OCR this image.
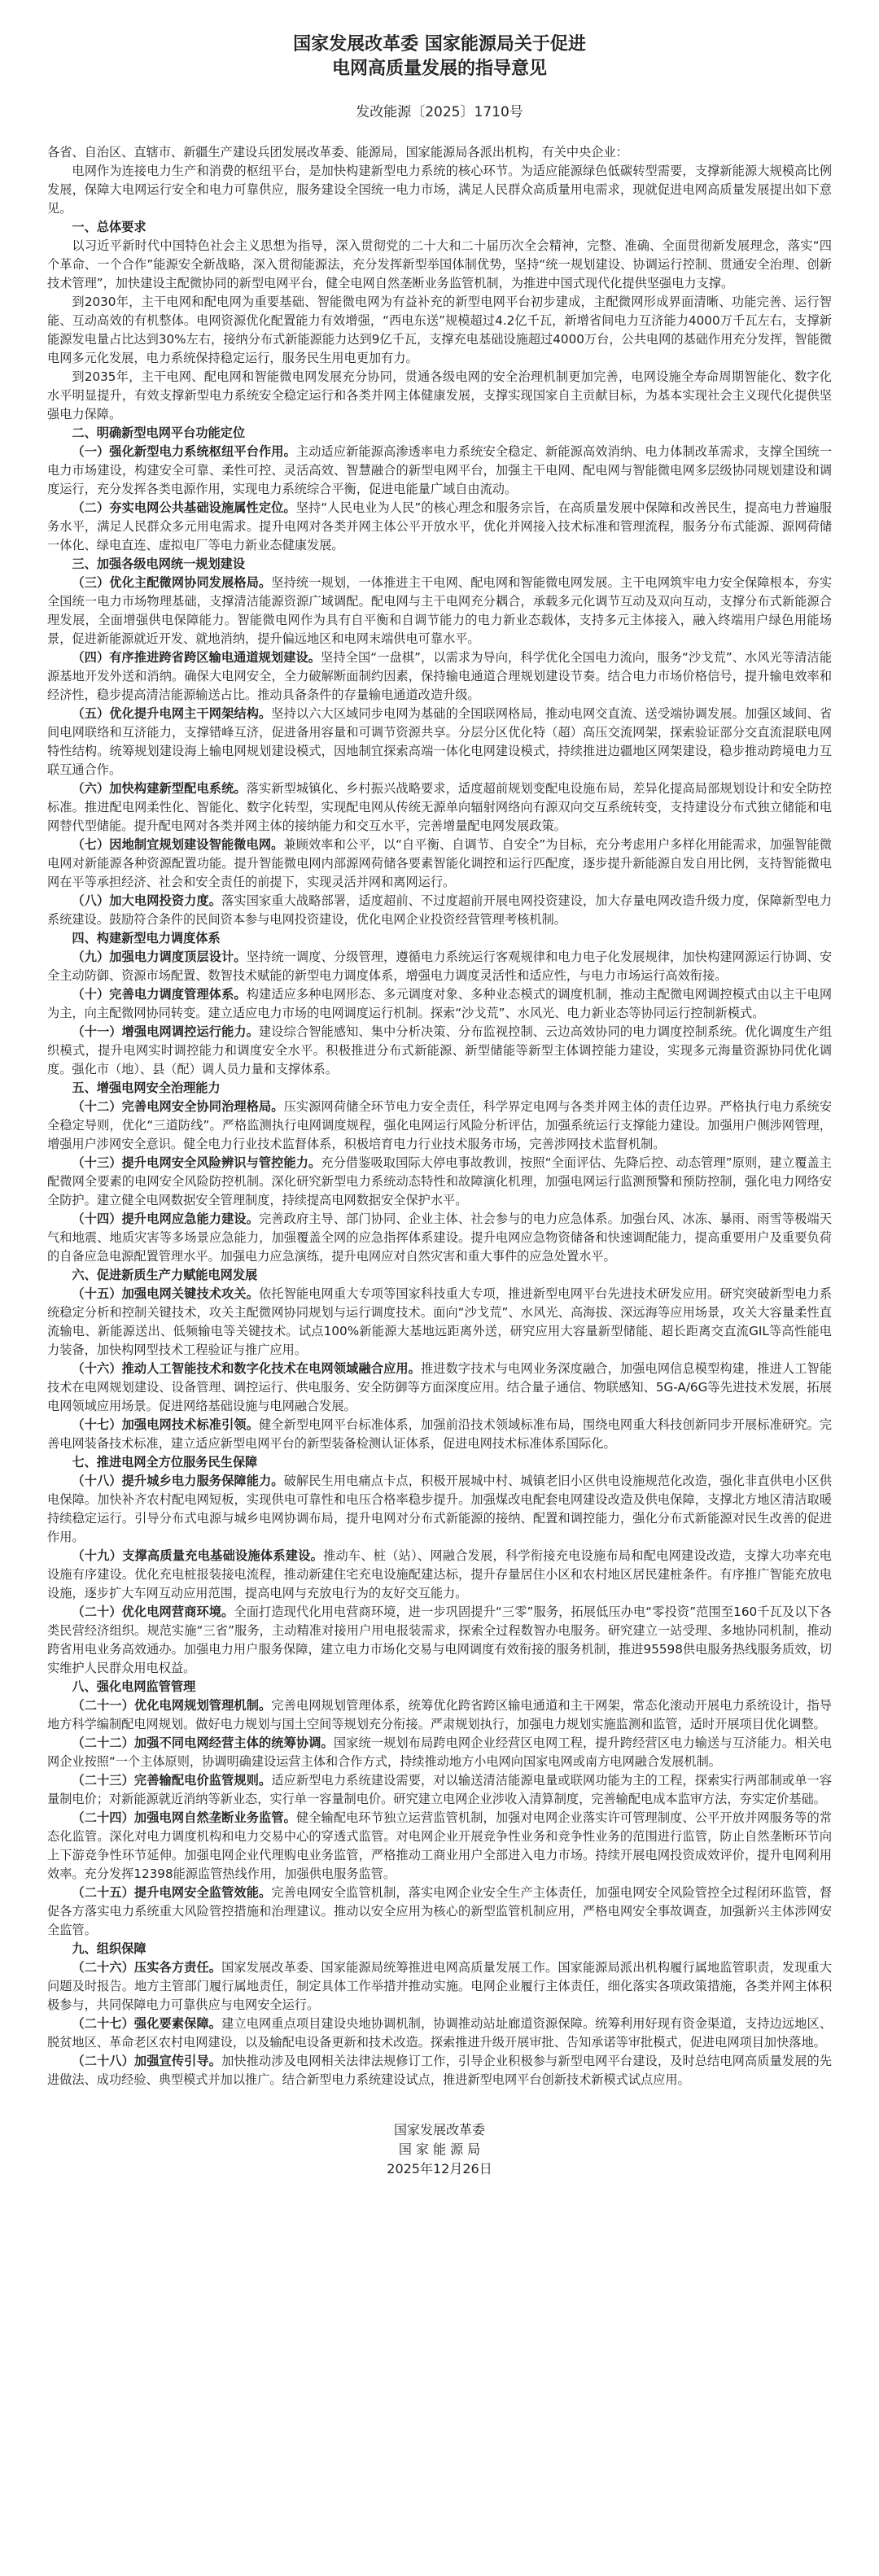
国家发展改革委 国家能源局关于促进
电网高质量发展的指导意见
发改能源〔2025〕1710号
各省、自治区、直辖市、新疆生产建设兵团发展改革委、能源局，国家能源局各派出机构，有关中央企业：
电网作为连接电力生产和消费的枢纽平台，是加快构建新型电力系统的核心环节。为适应能源绿色低碳转型需要，支撑新能源大规模高比例发展，保障大电网运行安全和电力可靠供应，服务建设全国统一电力市场，满足人民群众高质量用电需求，现就促进电网高质量发展提出如下意见。
一、总体要求
以习近平新时代中国特色社会主义思想为指导，深入贯彻党的二十大和二十届历次全会精神，完整、准确、全面贯彻新发展理念，落实“四个革命、一个合作”能源安全新战略，深入贯彻能源法，充分发挥新型举国体制优势，坚持“统一规划建设、协调运行控制、贯通安全治理、创新技术管理”，加快建设主配微协同的新型电网平台，健全电网自然垄断业务监管机制，为推进中国式现代化提供坚强电力支撑。
到2030年，主干电网和配电网为重要基础、智能微电网为有益补充的新型电网平台初步建成，主配微网形成界面清晰、功能完善、运行智能、互动高效的有机整体。电网资源优化配置能力有效增强，“西电东送”规模超过4.2亿千瓦，新增省间电力互济能力4000万千瓦左右，支撑新能源发电量占比达到30%左右，接纳分布式新能源能力达到9亿千瓦，支撑充电基础设施超过4000万台，公共电网的基础作用充分发挥，智能微电网多元化发展，电力系统保持稳定运行，服务民生用电更加有力。
到2035年，主干电网、配电网和智能微电网发展充分协同，贯通各级电网的安全治理机制更加完善，电网设施全寿命周期智能化、数字化水平明显提升，有效支撑新型电力系统安全稳定运行和各类并网主体健康发展，支撑实现国家自主贡献目标，为基本实现社会主义现代化提供坚强电力保障。
二、明确新型电网平台功能定位
（一）强化新型电力系统枢纽平台作用。主动适应新能源高渗透率电力系统安全稳定、新能源高效消纳、电力体制改革需求，支撑全国统一电力市场建设，构建安全可靠、柔性可控、灵活高效、智慧融合的新型电网平台，加强主干电网、配电网与智能微电网多层级协同规划建设和调度运行，充分发挥各类电源作用，实现电力系统综合平衡，促进电能量广域自由流动。
（二）夯实电网公共基础设施属性定位。坚持“人民电业为人民”的核心理念和服务宗旨，在高质量发展中保障和改善民生，提高电力普遍服务水平，满足人民群众多元用电需求。提升电网对各类并网主体公平开放水平，优化并网接入技术标准和管理流程，服务分布式能源、源网荷储一体化、绿电直连、虚拟电厂等电力新业态健康发展。
三、加强各级电网统一规划建设
（三）优化主配微网协同发展格局。坚持统一规划，一体推进主干电网、配电网和智能微电网发展。主干电网筑牢电力安全保障根本，夯实全国统一电力市场物理基础，支撑清洁能源资源广域调配。配电网与主干电网充分耦合，承载多元化调节互动及双向互动，支撑分布式新能源合理发展，全面增强供电保障能力。智能微电网作为具有自平衡和自调节能力的电力新业态载体，支持多元主体接入，融入终端用户绿色用能场景，促进新能源就近开发、就地消纳，提升偏远地区和电网末端供电可靠水平。
（四）有序推进跨省跨区输电通道规划建设。坚持全国“一盘棋”，以需求为导向，科学优化全国电力流向，服务“沙戈荒”、水风光等清洁能源基地开发外送和消纳。确保大电网安全，全力破解断面制约因素，保持输电通道合理规划建设节奏。结合电力市场价格信号，提升输电效率和经济性，稳步提高清洁能源输送占比。推动具备条件的存量输电通道改造升级。
（五）优化提升电网主干网架结构。坚持以六大区域同步电网为基础的全国联网格局，推动电网交直流、送受端协调发展。加强区域间、省间电网联络和互济能力，支撑错峰互济，促进备用容量和可调节资源共享。分层分区优化特（超）高压交流网架，探索验证部分交直流混联电网特性结构。统筹规划建设海上输电网规划建设模式，因地制宜探索高端一体化电网建设模式，持续推进边疆地区网架建设，稳步推动跨境电力互联互通合作。
（六）加快构建新型配电系统。落实新型城镇化、乡村振兴战略要求，适度超前规划变配电设施布局，差异化提高局部规划设计和安全防控标准。推进配电网柔性化、智能化、数字化转型，实现配电网从传统无源单向辐射网络向有源双向交互系统转变，支持建设分布式独立储能和电网替代型储能。提升配电网对各类并网主体的接纳能力和交互水平，完善增量配电网发展政策。
（七）因地制宜规划建设智能微电网。兼顾效率和公平，以“自平衡、自调节、自安全”为目标，充分考虑用户多样化用能需求，加强智能微电网对新能源各种资源配置功能。提升智能微电网内部源网荷储各要素智能化调控和运行匹配度，逐步提升新能源自发自用比例，支持智能微电网在平等承担经济、社会和安全责任的前提下，实现灵活并网和离网运行。
（八）加大电网投资力度。落实国家重大战略部署，适度超前、不过度超前开展电网投资建设，加大存量电网改造升级力度，保障新型电力系统建设。鼓励符合条件的民间资本参与电网投资建设，优化电网企业投资经营管理考核机制。
四、构建新型电力调度体系
（九）加强电力调度顶层设计。坚持统一调度、分级管理，遵循电力系统运行客观规律和电力电子化发展规律，加快构建网源运行协调、安全主动防御、资源市场配置、数智技术赋能的新型电力调度体系，增强电力调度灵活性和适应性，与电力市场运行高效衔接。
（十）完善电力调度管理体系。构建适应多种电网形态、多元调度对象、多种业态模式的调度机制，推动主配微电网调控模式由以主干电网为主，向主配微网协同转变。建立适应电力市场的电网调度运行机制。探索“沙戈荒”、水风光、电力新业态等协同运行控制新模式。
（十一）增强电网调控运行能力。建设综合智能感知、集中分析决策、分布监视控制、云边高效协同的电力调度控制系统。优化调度生产组织模式，提升电网实时调控能力和调度安全水平。积极推进分布式新能源、新型储能等新型主体调控能力建设，实现多元海量资源协同优化调度。强化市（地）、县（配）调人员力量和支撑体系。
五、增强电网安全治理能力
（十二）完善电网安全协同治理格局。压实源网荷储全环节电力安全责任，科学界定电网与各类并网主体的责任边界。严格执行电力系统安全稳定导则，优化“三道防线”。严格监测执行电网调度规程，强化电网运行风险分析评估，加强系统运行支撑能力建设。加强用户侧涉网管理，增强用户涉网安全意识。健全电力行业技术监督体系，积极培育电力行业技术服务市场，完善涉网技术监督机制。
（十三）提升电网安全风险辨识与管控能力。充分借鉴吸取国际大停电事故教训，按照“全面评估、先降后控、动态管理”原则，建立覆盖主配微网全要素的电网安全风险防控机制。深化研究新型电力系统动态特性和故障演化机理，加强电网运行监测预警和预防控制，强化电力网络安全防护。建立健全电网数据安全管理制度，持续提高电网数据安全保护水平。
（十四）提升电网应急能力建设。完善政府主导、部门协同、企业主体、社会参与的电力应急体系。加强台风、冰冻、暴雨、雨雪等极端天气和地震、地质灾害等多场景应急能力，加强覆盖全网的应急指挥体系建设。提升电网应急物资储备和快速调配能力，提高重要用户及重要负荷的自备应急电源配置管理水平。加强电力应急演练，提升电网应对自然灾害和重大事件的应急处置水平。
六、促进新质生产力赋能电网发展
（十五）加强电网关键技术攻关。依托智能电网重大专项等国家科技重大专项，推进新型电网平台先进技术研发应用。研究突破新型电力系统稳定分析和控制关键技术，攻关主配微网协同规划与运行调度技术。面向“沙戈荒”、水风光、高海拔、深远海等应用场景，攻关大容量柔性直流输电、新能源送出、低频输电等关键技术。试点100%新能源大基地远距离外送，研究应用大容量新型储能、超长距离交直流GIL等高性能电力装备，加快构网型技术工程验证与推广应用。
（十六）推动人工智能技术和数字化技术在电网领域融合应用。推进数字技术与电网业务深度融合，加强电网信息模型构建，推进人工智能技术在电网规划建设、设备管理、调控运行、供电服务、安全防御等方面深度应用。结合量子通信、物联感知、5G-A/6G等先进技术发展，拓展电网领域应用场景。促进网络基础设施与电网融合发展。
（十七）加强电网技术标准引领。健全新型电网平台标准体系，加强前沿技术领域标准布局，围绕电网重大科技创新同步开展标准研究。完善电网装备技术标准，建立适应新型电网平台的新型装备检测认证体系，促进电网技术标准体系国际化。
七、推进电网全方位服务民生保障
（十八）提升城乡电力服务保障能力。破解民生用电痛点卡点，积极开展城中村、城镇老旧小区供电设施规范化改造，强化非直供电小区供电保障。加快补齐农村配电网短板，实现供电可靠性和电压合格率稳步提升。加强煤改电配套电网建设改造及供电保障，支撑北方地区清洁取暖持续稳定运行。引导分布式电源与城乡电网协调布局，提升电网对分布式新能源的接纳、配置和调控能力，强化分布式新能源对民生改善的促进作用。
（十九）支撑高质量充电基础设施体系建设。推动车、桩（站）、网融合发展，科学衔接充电设施布局和配电网建设改造，支撑大功率充电设施有序建设。优化充电桩报装接电流程，推动新建住宅充电设施配建达标，提升存量居住小区和农村地区居民建桩条件。有序推广智能充放电设施，逐步扩大车网互动应用范围，提高电网与充放电行为的友好交互能力。
（二十）优化电网营商环境。全面打造现代化用电营商环境，进一步巩固提升“三零”服务，拓展低压办电“零投资”范围至160千瓦及以下各类民营经济组织。规范实施“三省”服务，主动精准对接用户用电报装需求，探索全过程数智办电服务。研究建立一站受理、多地协同机制，推动跨省用电业务高效通办。加强电力用户服务保障，建立电力市场化交易与电网调度有效衔接的服务机制，推进95598供电服务热线服务质效，切实维护人民群众用电权益。
八、强化电网监管管理
（二十一）优化电网规划管理机制。完善电网规划管理体系，统筹优化跨省跨区输电通道和主干网架，常态化滚动开展电力系统设计，指导地方科学编制配电网规划。做好电力规划与国土空间等规划充分衔接。严肃规划执行，加强电力规划实施监测和监管，适时开展项目优化调整。
（二十二）加强不同电网经营主体的统筹协调。国家统一规划布局跨电网企业经营区电网工程，提升跨经营区电力输送与互济能力。相关电网企业按照“一个主体原则，协调明确建设运营主体和合作方式，持续推动地方小电网向国家电网或南方电网融合发展机制。
（二十三）完善输配电价监管规则。适应新型电力系统建设需要，对以输送清洁能源电量或联网功能为主的工程，探索实行两部制或单一容量制电价；对新能源就近消纳等新业态，实行单一容量制电价。研究建立电网企业涉收入清算制度，完善输配电成本监审方法，夯实定价基础。
（二十四）加强电网自然垄断业务监管。健全输配电环节独立运营监管机制，加强对电网企业落实许可管理制度、公平开放并网服务等的常态化监管。深化对电力调度机构和电力交易中心的穿透式监管。对电网企业开展竞争性业务和竞争性业务的范围进行监管，防止自然垄断环节向上下游竞争性环节延伸。加强电网企业代理购电业务监管，严格推动工商业用户全部进入电力市场。持续开展电网投资成效评价，提升电网利用效率。充分发挥12398能源监管热线作用，加强供电服务监管。
（二十五）提升电网安全监管效能。完善电网安全监管机制，落实电网企业安全生产主体责任，加强电网安全风险管控全过程闭环监管，督促各方落实电力系统重大风险管控措施和治理建议。推动以安全应用为核心的新型监管机制应用，严格电网安全事故调查，加强新兴主体涉网安全监管。
九、组织保障
（二十六）压实各方责任。国家发展改革委、国家能源局统筹推进电网高质量发展工作。国家能源局派出机构履行属地监管职责，发现重大问题及时报告。地方主管部门履行属地责任，制定具体工作举措并推动实施。电网企业履行主体责任，细化落实各项政策措施，各类并网主体积极参与，共同保障电力可靠供应与电网安全运行。
（二十七）强化要素保障。建立电网重点项目建设央地协调机制，协调推动站址廊道资源保障。统筹利用好现有资金渠道，支持边远地区、脱贫地区、革命老区农村电网建设，以及输配电设备更新和技术改造。探索推进升级开展审批、告知承诺等审批模式，促进电网项目加快落地。
（二十八）加强宣传引导。加快推动涉及电网相关法律法规修订工作，引导企业积极参与新型电网平台建设，及时总结电网高质量发展的先进做法、成功经验、典型模式并加以推广。结合新型电力系统建设试点，推进新型电网平台创新技术新模式试点应用。
国家发展改革委
国 家 能 源 局
2025年12月26日
